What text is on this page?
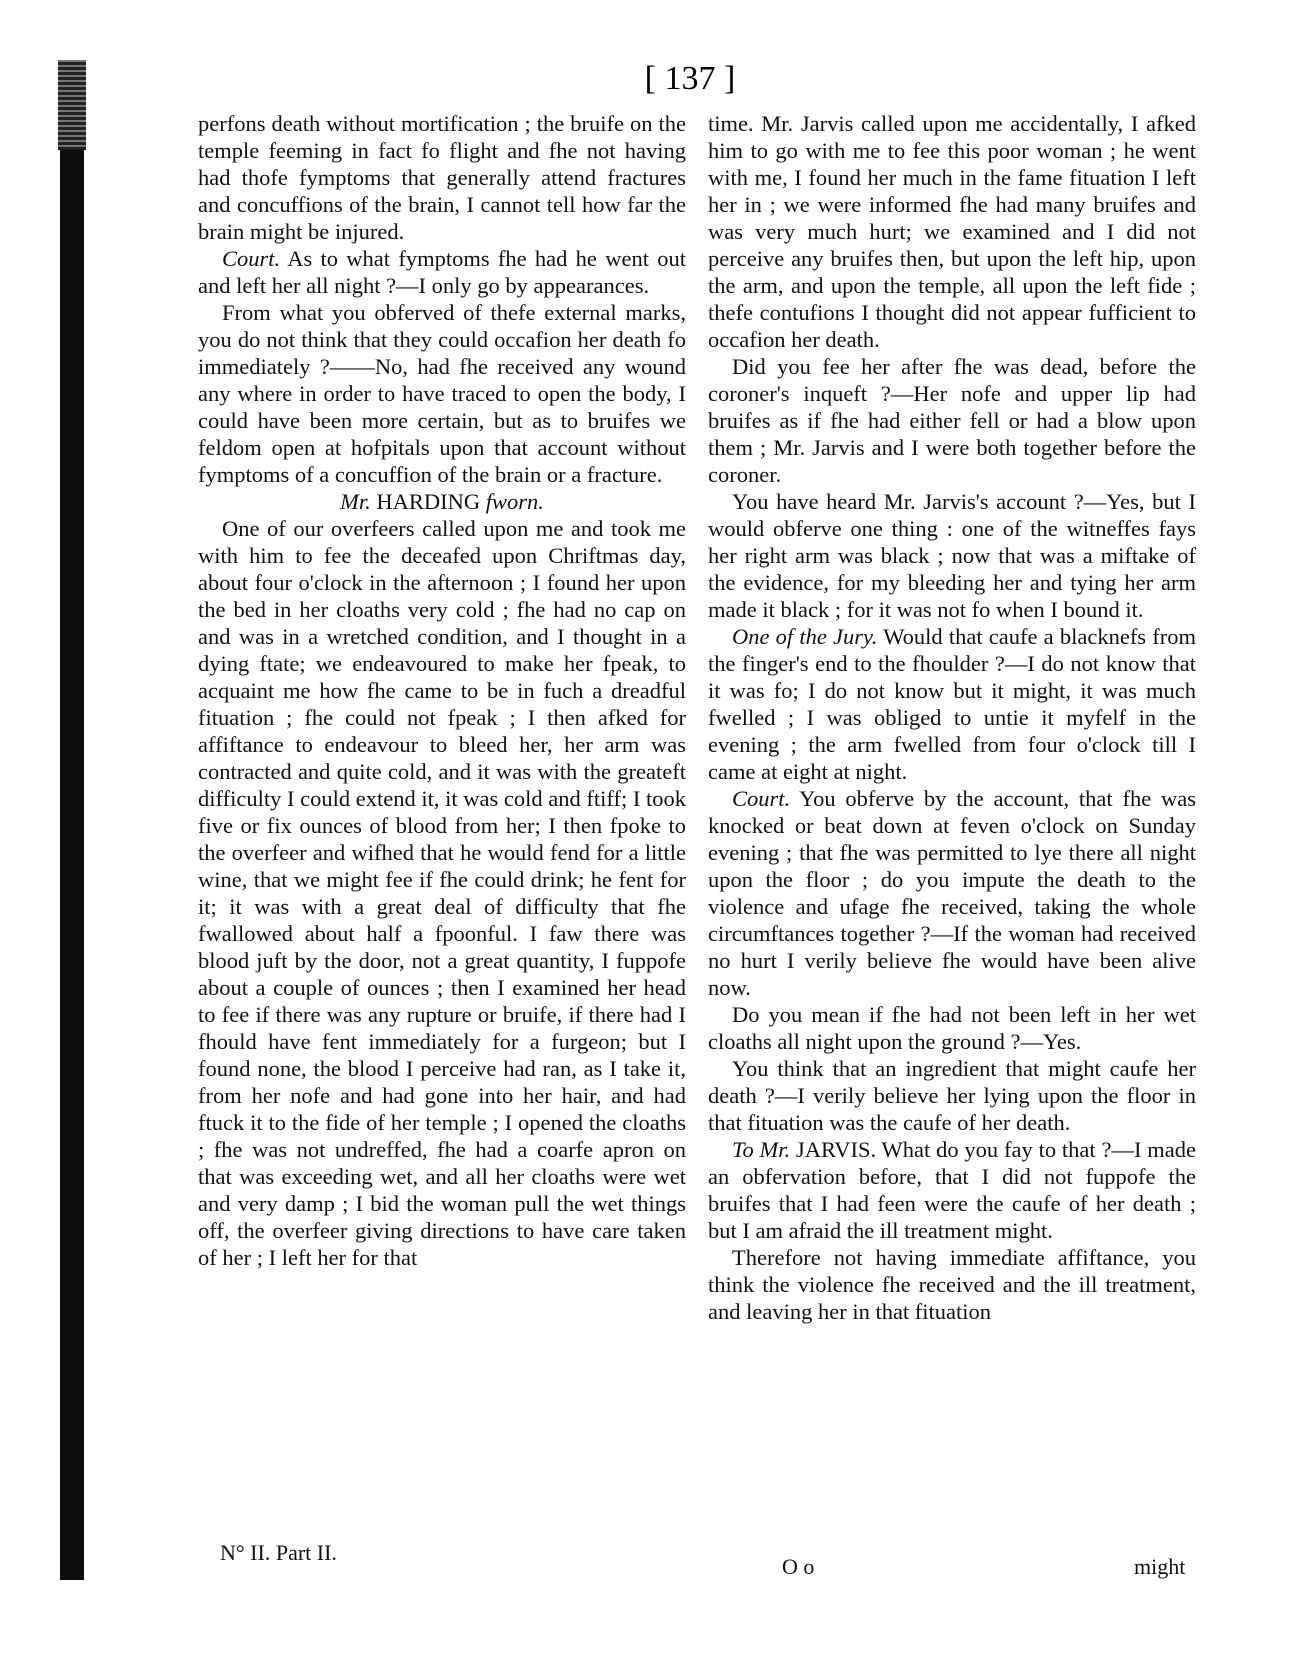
[ 137 ]

perfons death without mortification ; the bruife on the temple feeming in fact fo flight and fhe not having had thofe fymptoms that generally attend fractures and concuffions of the brain, I cannot tell how far the brain might be injured.

Court. As to what fymptoms fhe had he went out and left her all night ?—I only go by appearances.

From what you obferved of thefe external marks, you do not think that they could occafion her death fo immediately ?——No, had fhe received any wound any where in order to have traced to open the body, I could have been more certain, but as to bruifes we feldom open at hofpitals upon that account without fymptoms of a concuffion of the brain or a fracture.

Mr. HARDING fworn.

One of our overfeers called upon me and took me with him to fee the deceafed upon Chriftmas day, about four o'clock in the afternoon ; I found her upon the bed in her cloaths very cold ; fhe had no cap on and was in a wretched condition, and I thought in a dying ftate; we endeavoured to make her fpeak, to acquaint me how fhe came to be in fuch a dreadful fituation ; fhe could not fpeak ; I then afked for affiftance to endeavour to bleed her, her arm was contracted and quite cold, and it was with the greateft difficulty I could extend it, it was cold and ftiff; I took five or fix ounces of blood from her; I then fpoke to the overfeer and wifhed that he would fend for a little wine, that we might fee if fhe could drink; he fent for it; it was with a great deal of difficulty that fhe fwallowed about half a fpoonful. I faw there was blood juft by the door, not a great quantity, I fuppofe about a couple of ounces ; then I examined her head to fee if there was any rupture or bruife, if there had I fhould have fent immediately for a furgeon; but I found none, the blood I perceive had ran, as I take it, from her nofe and had gone into her hair, and had ftuck it to the fide of her temple ; I opened the cloaths ; fhe was not undreffed, fhe had a coarfe apron on that was exceeding wet, and all her cloaths were wet and very damp ; I bid the woman pull the wet things off, the overfeer giving directions to have care taken of her ; I left her for that

time. Mr. Jarvis called upon me accidentally, I afked him to go with me to fee this poor woman ; he went with me, I found her much in the fame fituation I left her in ; we were informed fhe had many bruifes and was very much hurt; we examined and I did not perceive any bruifes then, but upon the left hip, upon the arm, and upon the temple, all upon the left fide ; thefe contufions I thought did not appear fufficient to occafion her death.

Did you fee her after fhe was dead, before the coroner's inqueft ?—Her nofe and upper lip had bruifes as if fhe had either fell or had a blow upon them ; Mr. Jarvis and I were both together before the coroner.

You have heard Mr. Jarvis's account ?—Yes, but I would obferve one thing : one of the witneffes fays her right arm was black ; now that was a miftake of the evidence, for my bleeding her and tying her arm made it black ; for it was not fo when I bound it.

One of the Jury. Would that caufe a blacknefs from the finger's end to the fhoulder ?—I do not know that it was fo; I do not know but it might, it was much fwelled ; I was obliged to untie it myfelf in the evening ; the arm fwelled from four o'clock till I came at eight at night.

Court. You obferve by the account, that fhe was knocked or beat down at feven o'clock on Sunday evening ; that fhe was permitted to lye there all night upon the floor ; do you impute the death to the violence and ufage fhe received, taking the whole circumftances together ?—If the woman had received no hurt I verily believe fhe would have been alive now.

Do you mean if fhe had not been left in her wet cloaths all night upon the ground ?—Yes.

You think that an ingredient that might caufe her death ?—I verily believe her lying upon the floor in that fituation was the caufe of her death.

To Mr. JARVIS. What do you fay to that ?—I made an obfervation before, that I did not fuppofe the bruifes that I had feen were the caufe of her death ; but I am afraid the ill treatment might.

Therefore not having immediate affiftance, you think the violence fhe received and the ill treatment, and leaving her in that fituation

N° II. Part II.
O o	might
